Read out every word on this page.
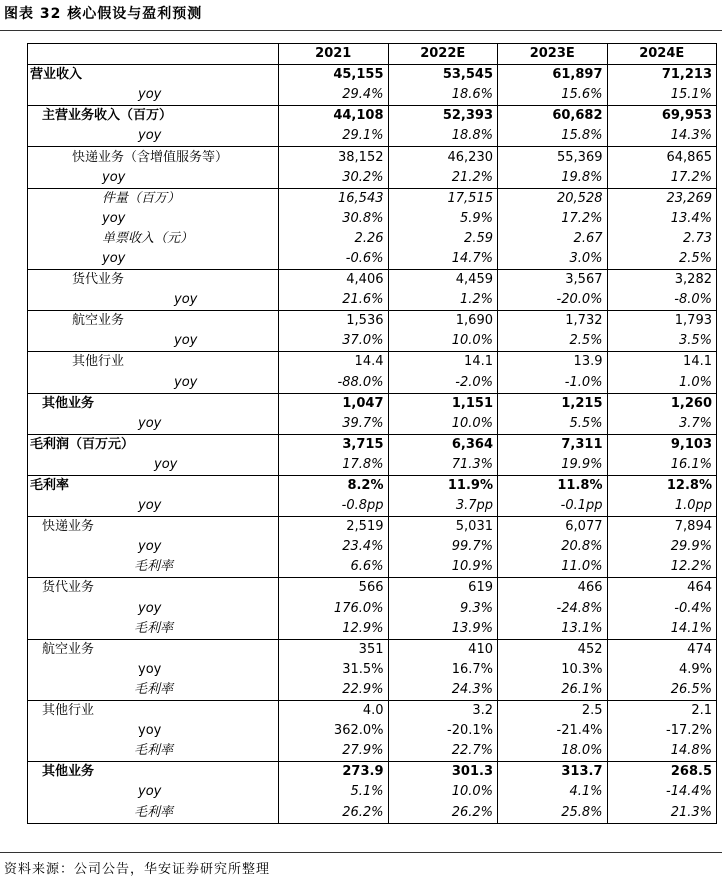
图表 32 核心假设与盈利预测
	2021	2022E	2023E	2024E
营业收入	45,155	53,545	61,897	71,213
yoy	29.4%	18.6%	15.6%	15.1%
主营业务收入（百万）	44,108	52,393	60,682	69,953
yoy	29.1%	18.8%	15.8%	14.3%
快递业务（含增值服务等）	38,152	46,230	55,369	64,865
yoy	30.2%	21.2%	19.8%	17.2%
件量（百万）	16,543	17,515	20,528	23,269
yoy	30.8%	5.9%	17.2%	13.4%
单票收入（元）	2.26	2.59	2.67	2.73
yoy	-0.6%	14.7%	3.0%	2.5%
货代业务	4,406	4,459	3,567	3,282
yoy	21.6%	1.2%	-20.0%	-8.0%
航空业务	1,536	1,690	1,732	1,793
yoy	37.0%	10.0%	2.5%	3.5%
其他行业	14.4	14.1	13.9	14.1
yoy	-88.0%	-2.0%	-1.0%	1.0%
其他业务	1,047	1,151	1,215	1,260
yoy	39.7%	10.0%	5.5%	3.7%
毛利润（百万元）	3,715	6,364	7,311	9,103
yoy	17.8%	71.3%	19.9%	16.1%
毛利率	8.2%	11.9%	11.8%	12.8%
yoy	-0.8pp	3.7pp	-0.1pp	1.0pp
快递业务	2,519	5,031	6,077	7,894
yoy	23.4%	99.7%	20.8%	29.9%
毛利率	6.6%	10.9%	11.0%	12.2%
货代业务	566	619	466	464
yoy	176.0%	9.3%	-24.8%	-0.4%
毛利率	12.9%	13.9%	13.1%	14.1%
航空业务	351	410	452	474
yoy	31.5%	16.7%	10.3%	4.9%
毛利率	22.9%	24.3%	26.1%	26.5%
其他行业	4.0	3.2	2.5	2.1
yoy	362.0%	-20.1%	-21.4%	-17.2%
毛利率	27.9%	22.7%	18.0%	14.8%
其他业务	273.9	301.3	313.7	268.5
yoy	5.1%	10.0%	4.1%	-14.4%
毛利率	26.2%	26.2%	25.8%	21.3%
资料来源：公司公告，华安证券研究所整理
